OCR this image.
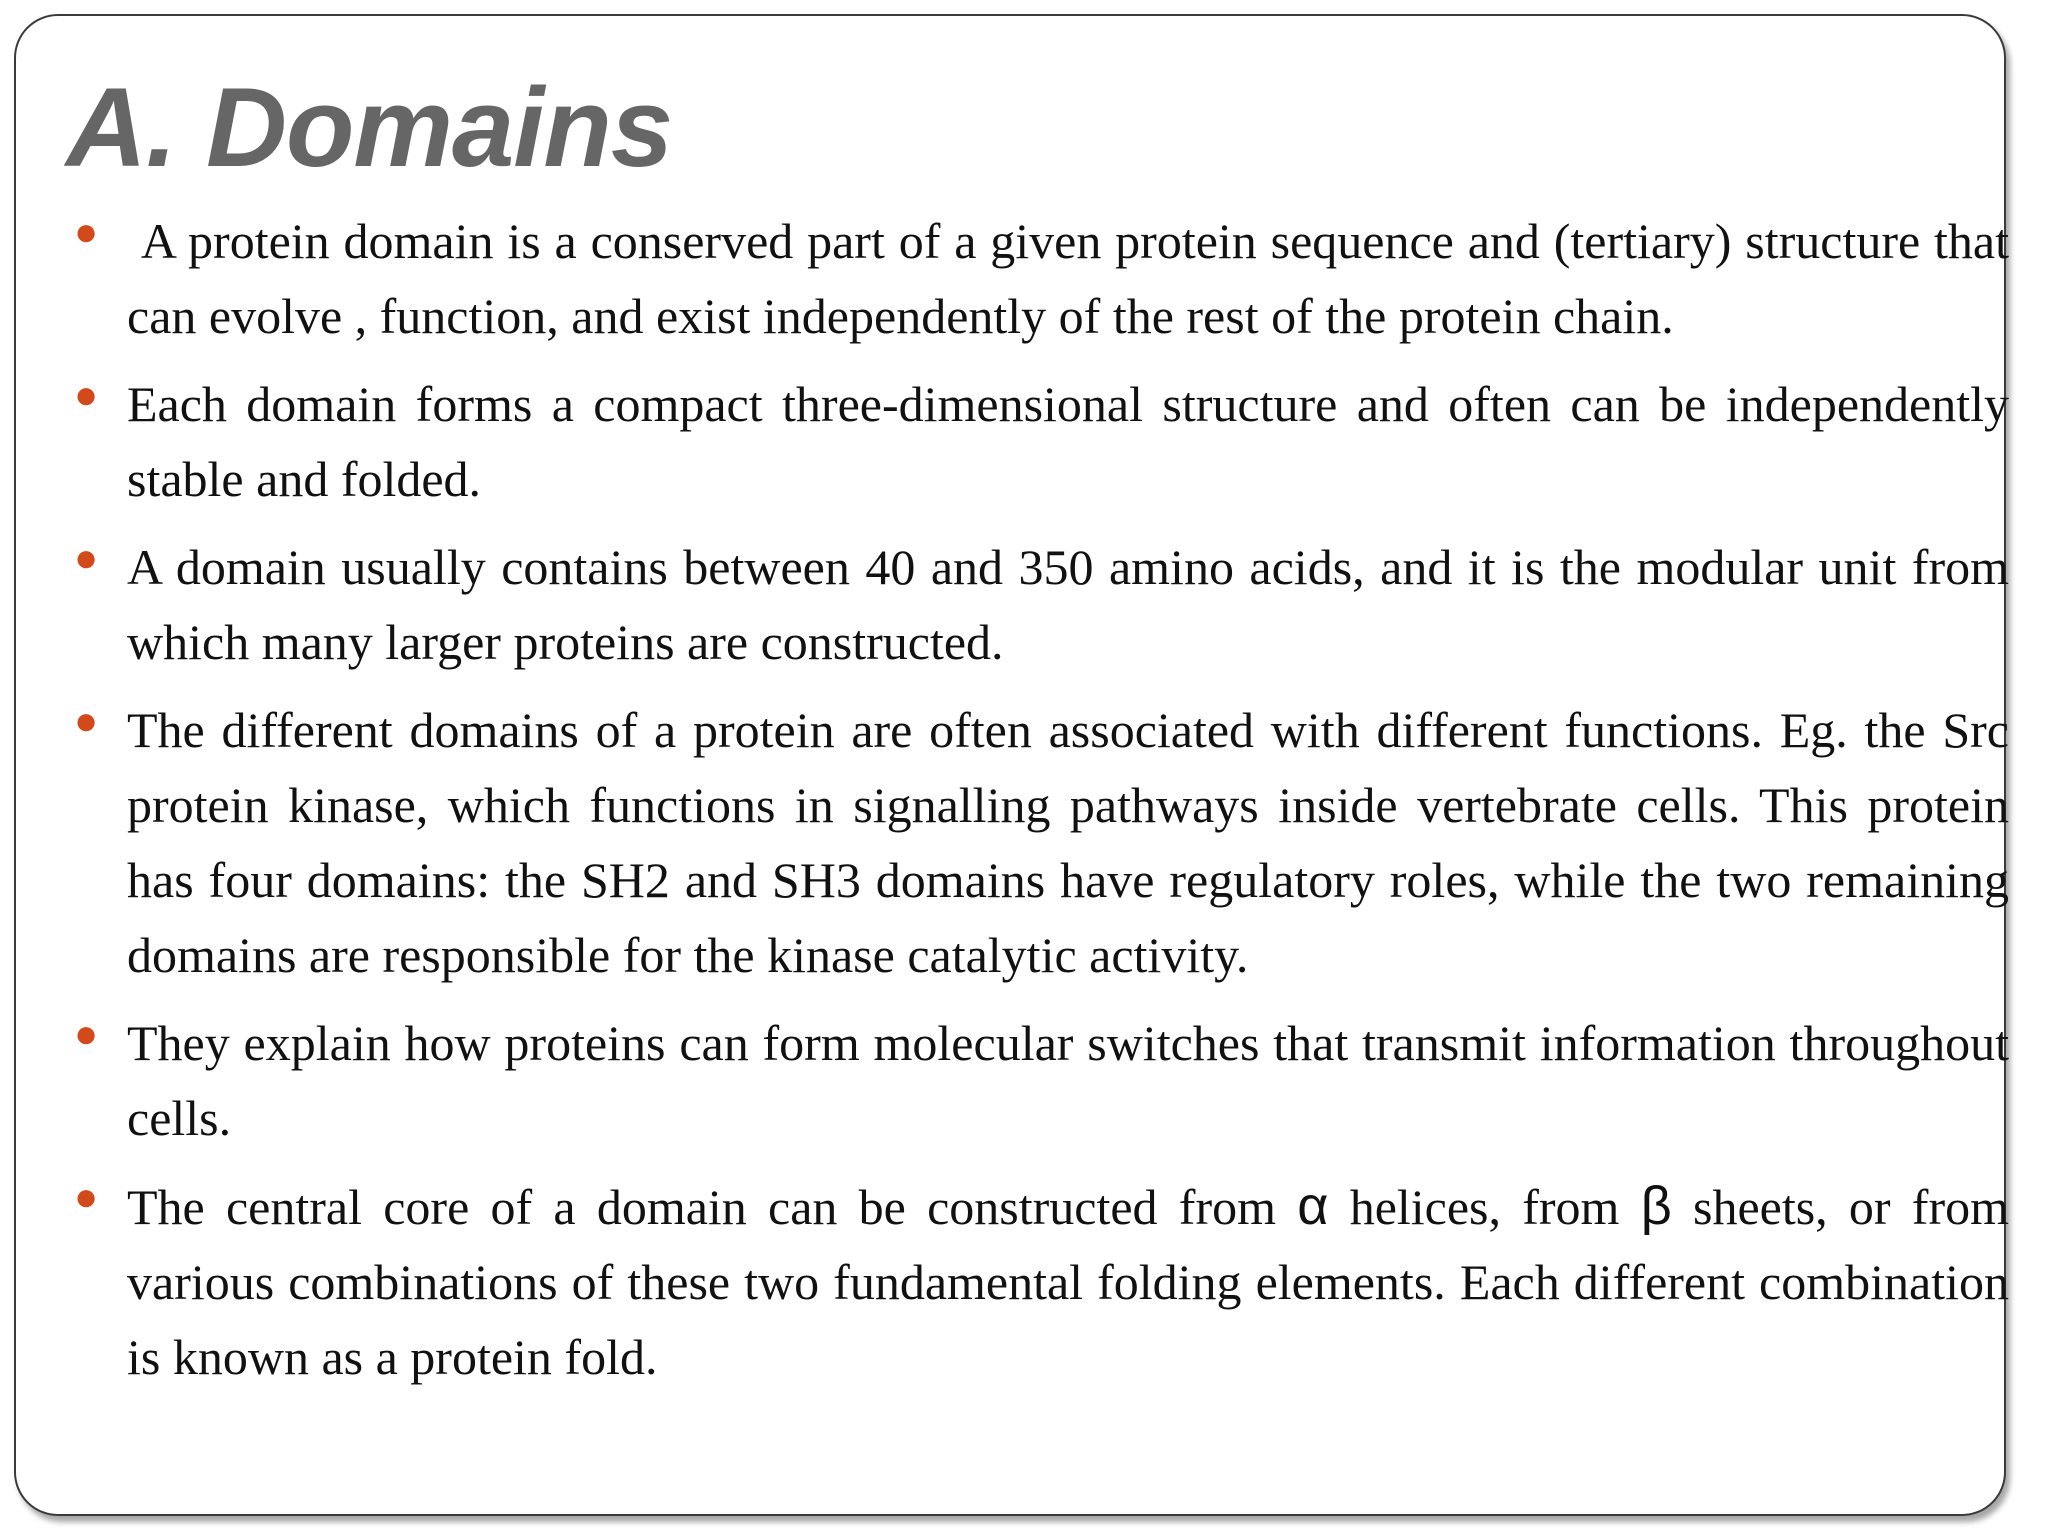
A. Domains
● A protein domain is a conserved part of a given protein sequence and (tertiary) structure that can evolve , function, and exist independently of the rest of the protein chain.
● Each domain forms a compact three-dimensional structure and often can be independently stable and folded.
● A domain usually contains between 40 and 350 amino acids, and it is the modular unit from which many larger proteins are constructed.
● The different domains of a protein are often associated with different functions. Eg. the Src protein kinase, which functions in signalling pathways inside vertebrate cells. This protein has four domains: the SH2 and SH3 domains have regulatory roles, while the two remaining domains are responsible for the kinase catalytic activity.
● They explain how proteins can form molecular switches that transmit information throughout cells.
● The central core of a domain can be constructed from α helices, from β sheets, or from various combinations of these two fundamental folding elements. Each different combination is known as a protein fold.
